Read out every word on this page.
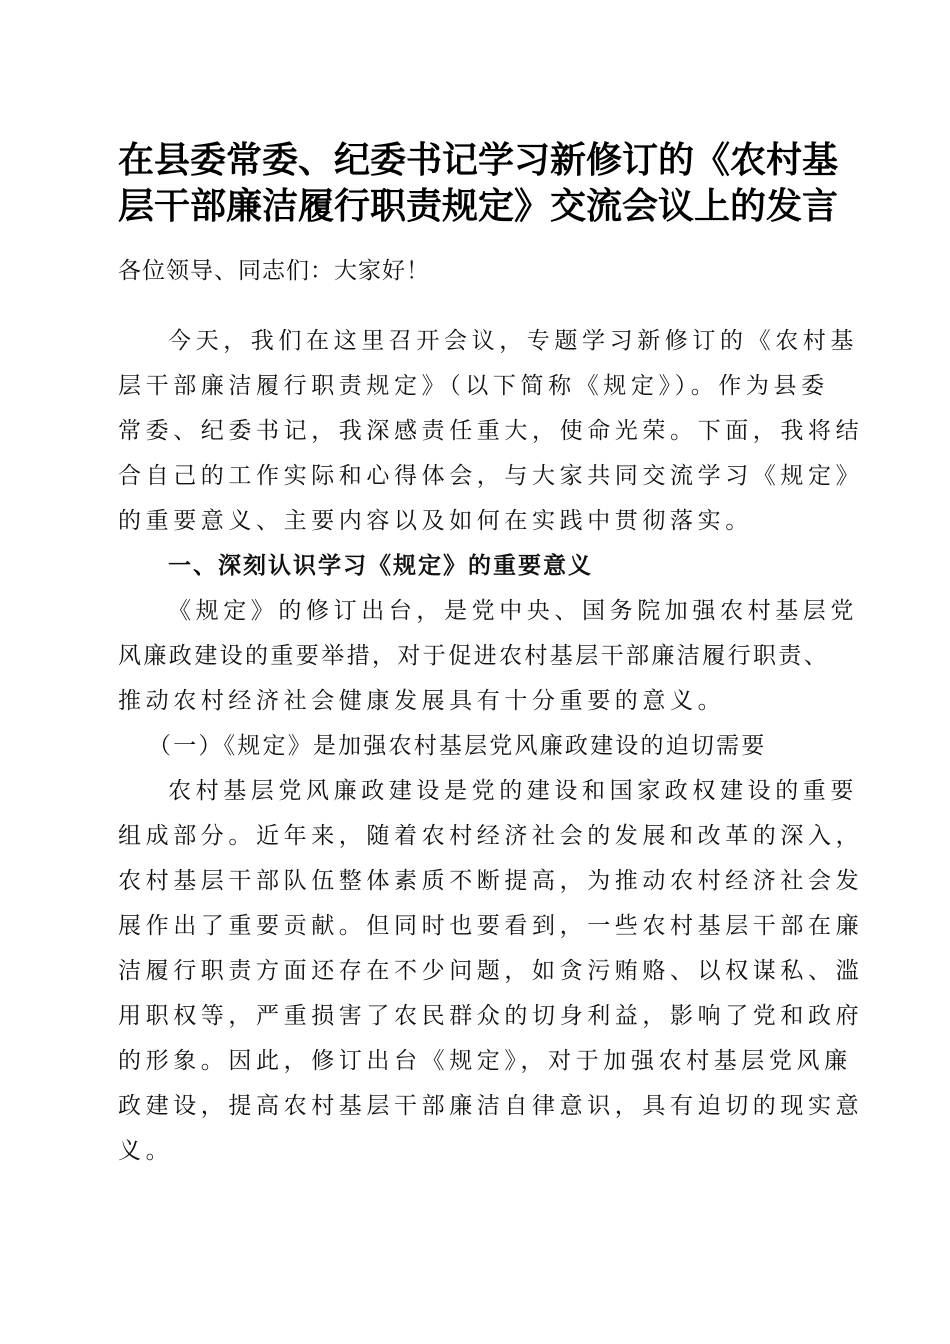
在县委常委、纪委书记学习新修订的《农村基
层干部廉洁履行职责规定》交流会议上的发言
各位领导、同志们：大家好！
今天，我们在这里召开会议，专题学习新修订的《农村基
层干部廉洁履行职责规定》（以下简称《规定》）。作为县委
常委、纪委书记，我深感责任重大，使命光荣。下面，我将结
合自己的工作实际和心得体会，与大家共同交流学习《规定》
的重要意义、主要内容以及如何在实践中贯彻落实。
一、深刻认识学习《规定》的重要意义
《规定》的修订出台，是党中央、国务院加强农村基层党
风廉政建设的重要举措，对于促进农村基层干部廉洁履行职责、
推动农村经济社会健康发展具有十分重要的意义。
（一）《规定》是加强农村基层党风廉政建设的迫切需要
农村基层党风廉政建设是党的建设和国家政权建设的重要
组成部分。近年来，随着农村经济社会的发展和改革的深入，
农村基层干部队伍整体素质不断提高，为推动农村经济社会发
展作出了重要贡献。但同时也要看到，一些农村基层干部在廉
洁履行职责方面还存在不少问题，如贪污贿赂、以权谋私、滥
用职权等，严重损害了农民群众的切身利益，影响了党和政府
的形象。因此，修订出台《规定》，对于加强农村基层党风廉
政建设，提高农村基层干部廉洁自律意识，具有迫切的现实意
义。
